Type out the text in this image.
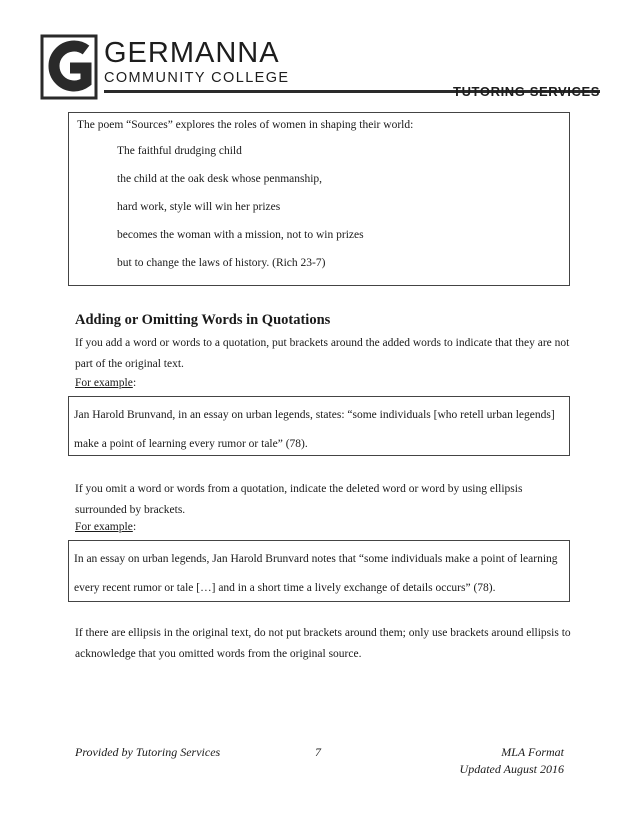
GERMANNA
COMMUNITY COLLEGE
TUTORING SERVICES

The poem “Sources” explores the roles of women in shaping their world:

The faithful drudging child

the child at the oak desk whose penmanship,

hard work, style will win her prizes

becomes the woman with a mission, not to win prizes

but to change the laws of history. (Rich 23-7)

Adding or Omitting Words in Quotations

If you add a word or words to a quotation, put brackets around the added words to indicate that they are not part of the original text.

For example :
Jan Harold Brunvand, in an essay on urban legends, states: “some individuals [who retell urban legends] make a point of learning every rumor or tale” (78).

If you omit a word or words from a quotation, indicate the deleted word or word by using ellipsis surrounded by brackets.

For example :
In an essay on urban legends, Jan Harold Brunvard notes that “some individuals make a point of learning every recent rumor or tale […] and in a short time a lively exchange of details occurs” (78).

If there are ellipsis in the original text, do not put brackets around them; only use brackets around ellipsis to acknowledge that you omitted words from the original source.

Provided by Tutoring Services	7	MLA Format
Updated August 2016
